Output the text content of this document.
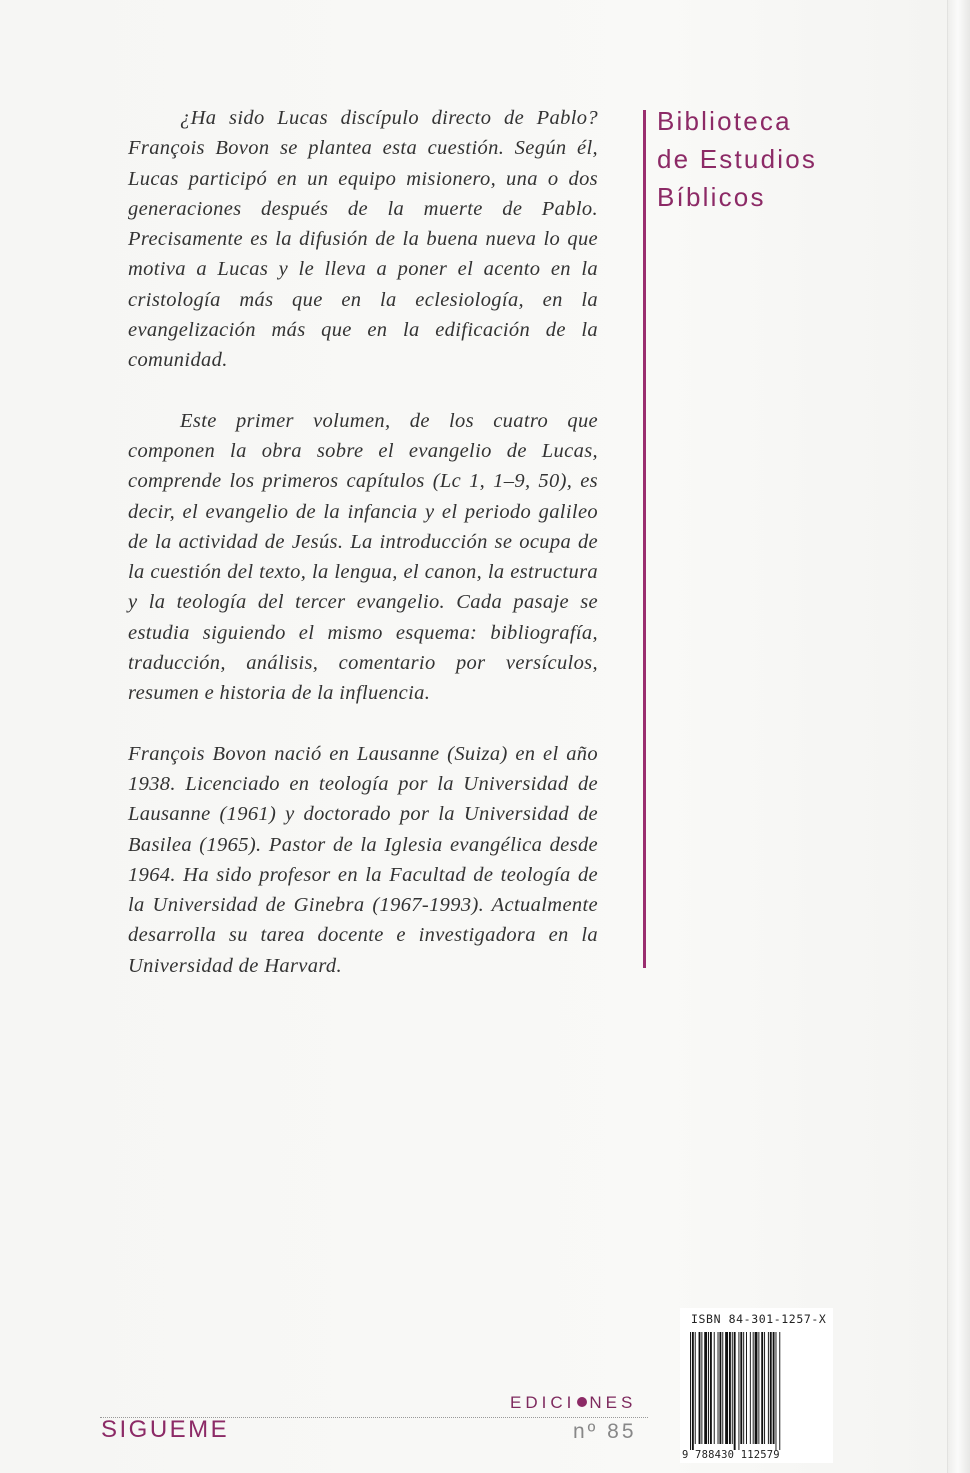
¿Ha sido Lucas discípulo directo de Pablo? François Bovon se plantea esta cuestión. Según él, Lucas participó en un equipo misionero, una o dos generaciones después de la muerte de Pablo. Precisamente es la difusión de la buena nueva lo que motiva a Lucas y le lleva a poner el acento en la cristología más que en la eclesiología, en la evangelización más que en la edificación de la comunidad.

Este primer volumen, de los cuatro que componen la obra sobre el evangelio de Lucas, comprende los primeros capítulos (Lc 1, 1–9, 50), es decir, el evangelio de la infancia y el periodo galileo de la actividad de Jesús. La introducción se ocupa de la cuestión del texto, la lengua, el canon, la estructura y la teología del tercer evangelio. Cada pasaje se estudia siguiendo el mismo esquema: bibliografía, traducción, análisis, comentario por versículos, resumen e historia de la influencia.

François Bovon nació en Lausanne (Suiza) en el año 1938. Licenciado en teología por la Universidad de Lausanne (1961) y doctorado por la Universidad de Basilea (1965). Pastor de la Iglesia evangélica desde 1964. Ha sido profesor en la Facultad de teología de la Universidad de Ginebra (1967-1993). Actualmente desarrolla su tarea docente e investigadora en la Universidad de Harvard.

Biblioteca
de Estudios
Bíblicos
EDICI NES
SIGUEME	nº 85
ISBN 84-301-1257-X
9 788430 112579
